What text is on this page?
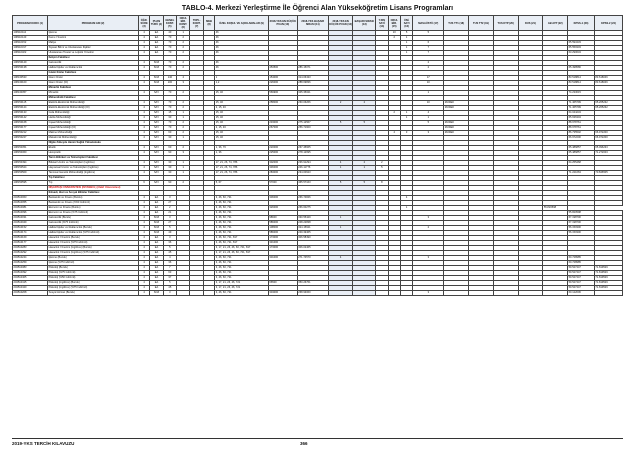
TABLO-4. Merkezi Yerleştirme İle Öğrenci Alan Yükseköğretim Lisans Programları
PROGRAM KODU (1)	PROGRAM ADI (2)	ÖĞR. SÜRE (3)	PUAN TÜRÜ (4)	GENEL KONT. (5)	OKUL BİR. KONT. (6)	TOPL. KONT. (7)	MEB (8)	ÖZEL KOŞUL VE AÇIKLAMALAR (9)	2018-YKS EN KÜÇÜK PUAN (10)	2018-YKS BAŞARI SIRASI (11)	2018-YKS EN KÜÇÜK PUAN (12)	BAŞARI SIRASI (13)	Y.DIŞ SAYI (14)	OKUL BİR. (15)	ÜNİ. SAYI (16)	MASAÜSTÜ (17)	TUS TT1 (18)	TUS TT2 (19)	TUS KTP (20)	DUS (21)	AB AYP (22)	KPSS-1 (23)	KPSS-2 (24)
108110112	İşletme	4	EA	40	1			46						10	5	5							
108110143	Kamu Yönetimi	4	EA	70	2			46						2	1								
108110152	Maliye	4	EA	70	2			46							1	6						65.593433	
108110317	Siyaset Bilimi ve Uluslararası İlişkiler	4	EA	70	2			46							1	7						65.559303	
108110322	Uluslararası Ticaret ve Lojistik Yönetimi	4	EA	70	2			46							1	7						63.290634	
	İletişim Fakültesi																						
108150129	Gazetecilik	4	SÖZ	70	2			46								2							
108150138	Halkla İlişkiler ve Reklamcılık	4	SÖZ	70	2			46	453500	286.15071						2						65.498586	
	İslami İlimler Fakültesi																						
108130533	İslami İlimler	4	SÖZ	140	4			1	154000	314.06433						17						83.518814	83.618046
108130100	İslami İlimler (İÖ)	4	SÖZ	100	3			1,2	226000	288.69836						10						83.518814	83.618046
	Mimarlık Fakültesi																						
108130357	Mimarlık	4	SAY	70	2			15, 46	569900	345.35021						1						74.233015	
	Mühendislik Fakültesi																						
108150115	Elektrik-Elektronik Mühendisliği	4	SAY	70	2			15, 46	258000	260.06266	2	2				10	MÜDEK					71.465799	65.265232
108150124	Elektrik-Elektronik Mühendisliği (İÖ)	4	SAY	70	2			2, 15, 46									MÜDEK					71.465799	65.265232
108150133	Gıda Mühendisliği	4	SAY	15	1			15, 46						2	1	4						64.044234	
108150142	Harita Mühendisliği	4	SAY	30	1			15, 46							1	1						65.636304	
108150168	İnşaat Mühendisliği	4	SAY	70	2			15, 46	233000	275.12567	5	5				5	MÜDEK					88.978761	
108150177	İnşaat Mühendisliği (İÖ)	4	SAY	70	2			2, 15, 46	267000	256.71600							MÜDEK					88.978761	
108150212	Makine Mühendisliği	4	SAY	60	2			15, 46						4	3	3	MÜDEK					86.735502	66.972200
108150227	Mekatronik Mühendisliği	4	SAY	30	1			15, 46														66.972200	66.972200
	Niğde Zübeyde Hanım Sağlık Yüksekokulu																						
108150351	Ebelik	4	SAY	60	2			1, 36, 76	220000	267.45665												65.486857	65.096233
108150360	Hemşirelik	4	SAY	90	3			1, 36	225000	278.12695												65.486857	71.272003
	Tarım Bilimleri ve Teknolojileri Fakültesi																						
108150494	Bitkisel Üretim ve Teknolojileri (İngilizce)	4	SAY	30	1			17, 21, 26, 74, 786	302000	236.91294	4	2	2									64.255468	
108150524	Hayvansal Üretim ve Teknolojileri (İngilizce)	4	SAY	30	1			17, 21, 26, 74, 786	336000	246.11776	1	1	5										
108150509	Tarımsal Genetik Mühendisliği (İngilizce)	4	SAY	30	1			17, 21, 26, 74, 786	283000	234.00623												71.221663	70.846505
	Tıp Fakültesi																						
108150595	Tıp	6	SAY	90	2			5, 67	57000	465.57163	5	5	8										
	NİŞANTAŞI ÜNİVERSİTESİ (İSTANBUL) (Vakıf Üniversitesi)																						
	İktisadi, İdari ve Sosyal Bilimler Fakültesi																						
204510063	Bankacılık ve Finans (Burslu)	4	EA	3				3, 46, 60, 721	306000	266.74846					4								
204510055	Bankacılık ve Finans (%50 İndirimli)	4	EA	27				3, 46, 60, 721															
204510081	Ekonomi ve Finans (Burslu)	4	EA	2				3, 46, 60, 721	326000	266.60275					1						55.820598		
204510096	Ekonomi ve Finans (%75 İndirimli)	4	EA	21				3, 46, 60, 721														55.820598	
204510031	Gazetecilik (Burslu)	4	SÖZ	3				3, 46, 60, 721	98600	330.55429	1					3						67.198700	
204510049	Gazetecilik (%75 İndirimli)	4	SÖZ	27				3, 46, 60, 721	586000	248.22838												67.198700	
204510152	Halkla İlişkiler ve Reklamcılık (Burslu)	4	SÖZ	5				3, 46, 60, 721	108000	324.15621	1					2						56.150300	
204510174	Halkla İlişkiler ve Reklamcılık (%75 İndirimli)	4	SÖZ	49				3, 46, 60, 721	586000	249.39465												56.150300	
204510169	Havacılık Yönetimi (Burslu)	4	EA	3				3, 46, 60, 721, 817	173000	306.58490													
204510177	Havacılık Yönetimi (%75 İndirimli)	4	EA	36				3, 46, 60, 721, 817	331000														
204510283	Havacılık Yönetimi (İngilizce) (Burslu)	4	EA	5				3, 17, 21, 26, 46, 60, 721, 817	173000	306.02465													
204510292	Havacılık Yönetimi (İngilizce) (%75 İndirimli)	4	EA	45				3, 17, 21, 26, 46, 60, 721, 817															
204510244	İşletme (Burslu)	4	EA	4				3, 46, 60, 721	301000	271.74570	4					3						60.728985	
204510259	İşletme (%75 İndirimli)	4	EA	36				3, 46, 60, 721														60.728985	
204510383	Psikoloji (Burslu)	4	EA	7				3, 46, 60, 721														59.527447	71.819529
204510392	Psikoloji (%75 İndirimli)	4	EA	63				3, 46, 60, 721														59.527447	71.819529
204510405	Psikoloji (%50 İndirimli)	4	EA	37				3, 46, 60, 721														59.527447	71.819529
204510415	Psikoloji (İngilizce) (Burslu)	4	EA	5				3, 17, 21, 26, 46, 721	66500	350.26761												59.527447	71.819529
204510420	Psikoloji (İngilizce) (%75 İndirimli)	4	EA	45				3, 17, 21, 26, 46, 721														59.527447	71.819529
204510208	Sosyal Hizmet (Burslu)	4	SÖZ	3				3, 46, 60, 721	304000	268.93060						3						60.122006	
2019-YKS TERCİH KILAVUZU	366
